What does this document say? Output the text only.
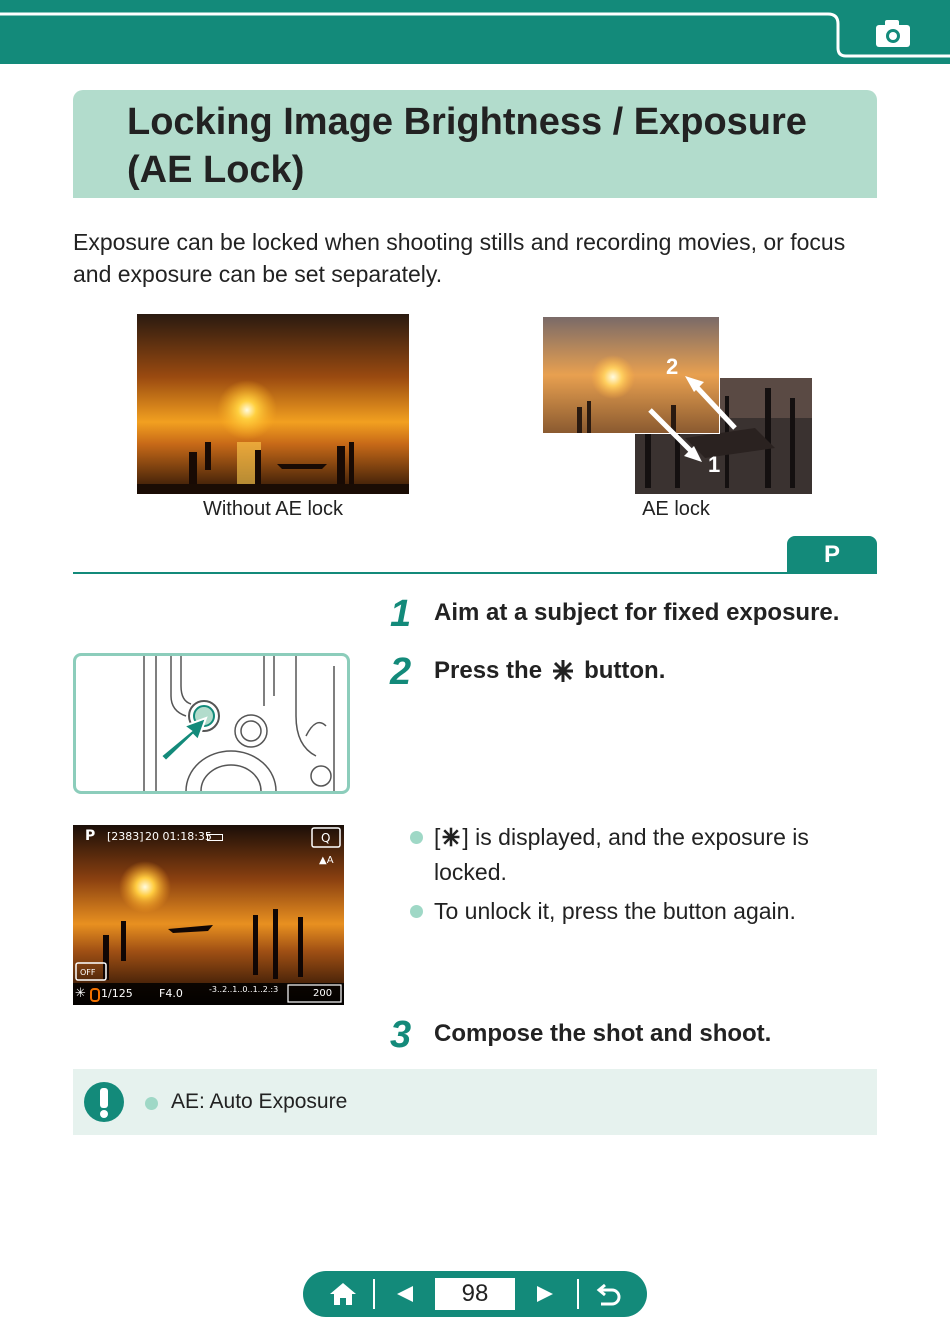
Locking Image Brightness / Exposure (AE Lock)
Exposure can be locked when shooting stills and recording movies, or focus and exposure can be set separately.
Without AE lock
2
1
AE lock
P
1 Aim at a subject for fixed exposure.
2 Press the button.
[ ] is displayed, and the exposure is
locked.
To unlock it, press the button again.
Q
▲A
OFF
P [2383] 20 01:18:35
✳ 1/125 F4.0	-3..2..1..0..1..2.:3	200
3 Compose the shot and shoot.
AE: Auto Exposure
98
